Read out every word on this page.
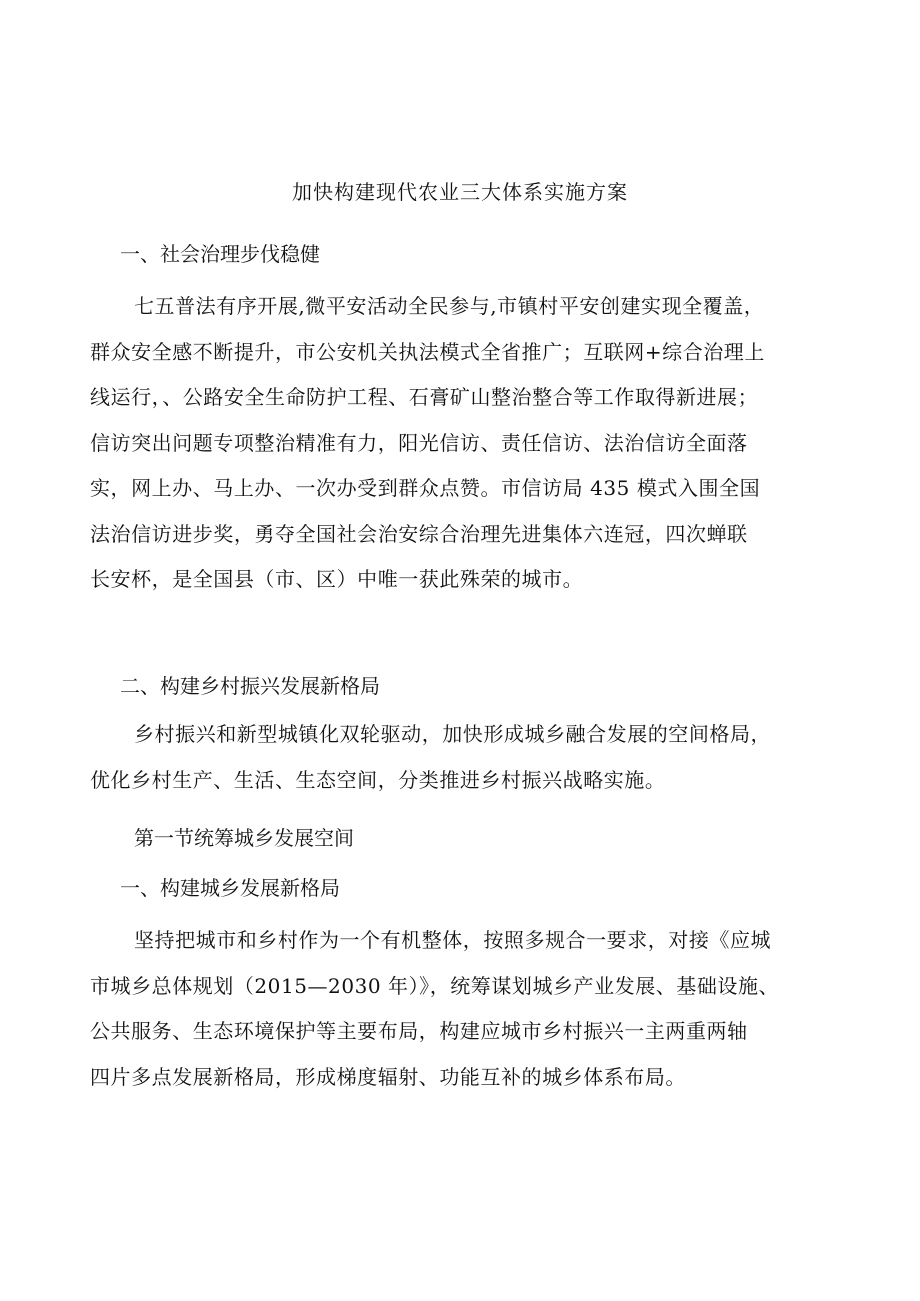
加快构建现代农业三大体系实施方案
一、社会治理步伐稳健

七五普法有序开展,微平安活动全民参与,市镇村平安创建实现全覆盖，
群众安全感不断提升，市公安机关执法模式全省推广；互联网+综合治理上
线运行，、公路安全生命防护工程、石膏矿山整治整合等工作取得新进展；
信访突出问题专项整治精准有力，阳光信访、责任信访、法治信访全面落
实，网上办、马上办、一次办受到群众点赞。市信访局 435 模式入围全国
法治信访进步奖，勇夺全国社会治安综合治理先进集体六连冠，四次蝉联
长安杯，是全国县（市、区）中唯一获此殊荣的城市。

二、构建乡村振兴发展新格局

乡村振兴和新型城镇化双轮驱动，加快形成城乡融合发展的空间格局，
优化乡村生产、生活、生态空间，分类推进乡村振兴战略实施。

第一节统筹城乡发展空间
一、构建城乡发展新格局

坚持把城市和乡村作为一个有机整体，按照多规合一要求，对接《应城
市城乡总体规划（2015—2030 年）》，统筹谋划城乡产业发展、基础设施、
公共服务、生态环境保护等主要布局，构建应城市乡村振兴一主两重两轴
四片多点发展新格局，形成梯度辐射、功能互补的城乡体系布局。
